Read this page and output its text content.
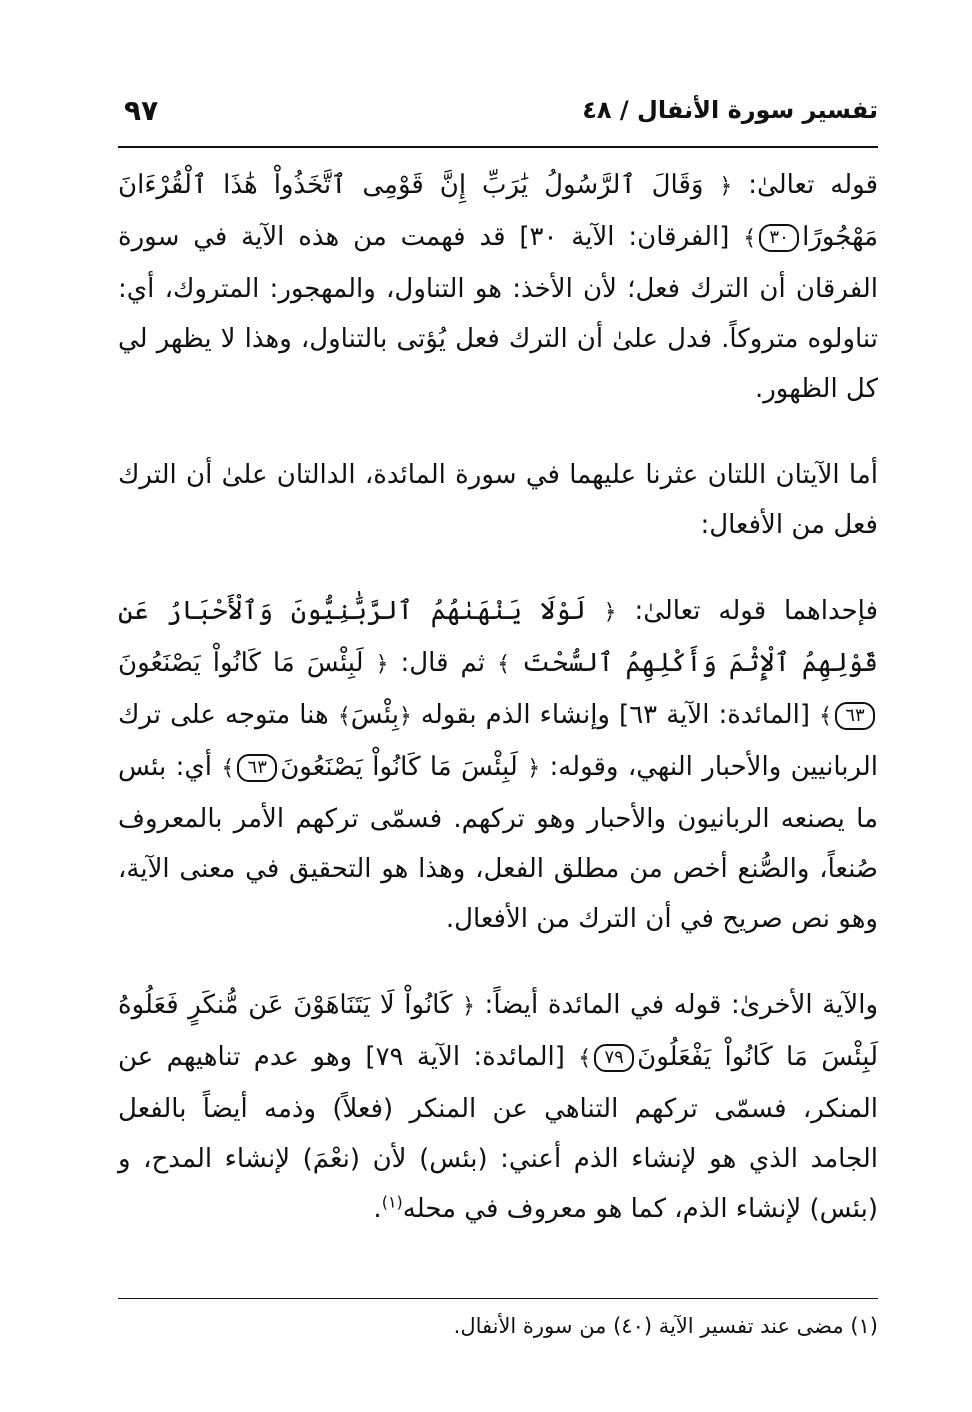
تفسير سورة الأنفال / ٤٨
٩٧

قوله تعالىٰ: ﴿ وَقَالَ ٱلرَّسُولُ يَٰرَبِّ إِنَّ قَوْمِى ٱتَّخَذُواْ هَٰذَا ٱلْقُرْءَانَ مَهْجُورًا٣٠﴾ [الفرقان: الآية ٣٠] قد فهمت من هذه الآية في سورة الفرقان أن الترك فعل؛ لأن الأخذ: هو التناول، والمهجور: المتروك، أي: تناولوه متروكاً. فدل علىٰ أن الترك فعل يُؤتى بالتناول، وهذا لا يظهر لي كل الظهور.

أما الآيتان اللتان عثرنا عليهما في سورة المائدة، الدالتان علىٰ أن الترك فعل من الأفعال:

فإحداهما قوله تعالىٰ: ﴿ لَوْلَا يَنْهَىٰهُمُ ٱلرَّبَّٰنِيُّونَ وَٱلْأَحْبَارُ عَن قَوْلِهِمُ ٱلْإِثْمَ وَأَكْلِهِمُ ٱلسُّحْتَ ﴾ ثم قال: ﴿ لَبِئْسَ مَا كَانُواْ يَصْنَعُونَ٦٣﴾ [المائدة: الآية ٦٣] وإنشاء الذم بقوله ﴿بِئْسَ﴾ هنا متوجه على ترك الربانيين والأحبار النهي، وقوله: ﴿ لَبِئْسَ مَا كَانُواْ يَصْنَعُونَ٦٣﴾ أي: بئس ما يصنعه الربانيون والأحبار وهو تركهم. فسمّى تركهم الأمر بالمعروف صُنعاً، والصُّنع أخص من مطلق الفعل، وهذا هو التحقيق في معنى الآية، وهو نص صريح في أن الترك من الأفعال.

والآية الأخرىٰ: قوله في المائدة أيضاً: ﴿ كَانُواْ لَا يَتَنَاهَوْنَ عَن مُّنكَرٍ فَعَلُوهُ لَبِئْسَ مَا كَانُواْ يَفْعَلُونَ٧٩﴾ [المائدة: الآية ٧٩] وهو عدم تناهيهم عن المنكر، فسمّى تركهم التناهي عن المنكر (فعلاً) وذمه أيضاً بالفعل الجامد الذي هو لإنشاء الذم أعني: (بئس) لأن (نعْمَ) لإنشاء المدح، و (بئس) لإنشاء الذم، كما هو معروف في محله$^{(١)}$.

(١) مضى عند تفسير الآية (٤٠) من سورة الأنفال.
